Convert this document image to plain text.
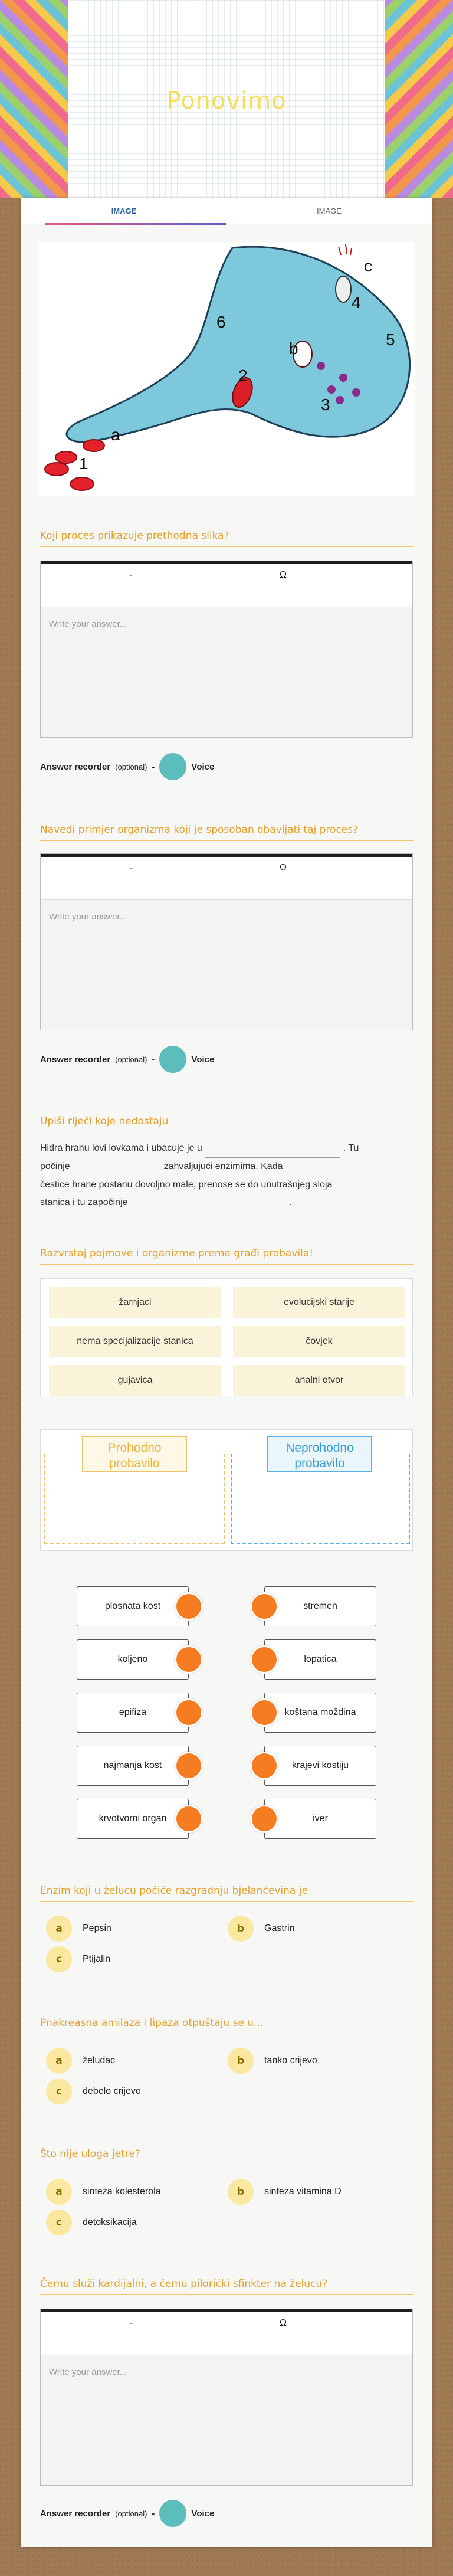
Ponovimo
IMAGE	IMAGE
1
a
2
b
3
4
5
6
c
Koji proces prikazuje prethodna slika?
-	Ω
Write your answer...
Answer recorder (optional) -	Voice
Navedi primjer organizma koji je sposoban obavljati taj proces?
-	Ω
Write your answer...
Answer recorder (optional) -	Voice
Upiši riječi koje nedostaju
Hidra hranu lovi lovkama i ubacuje je u	. Tu
počinje	zahvaljujući enzimima. Kada
čestice hrane postanu dovoljno male, prenose se do unutrašnjeg sloja
stanica i tu započinje	.
Razvrstaj pojmove i organizme prema građi probavila!
žarnjaci	evolucijski starije
nema specijalizacije stanica	čovjek
gujavica	analni otvor
Prohodno
probavilo
Neprohodno
probavilo
plosnata kost
koljeno
epifiza
najmanja kost
krvotvorni organ
stremen
lopatica
koštana moždina
krajevi kostiju
iver
Enzim koji u želucu počiće razgradnju bjelančevina je
a	Pepsin	b	Gastrin
c	Ptijalin
Pnakreasna amilaza i lipaza otpuštaju se u...
a	želudac	b	tanko crijevo
c	debelo crijevo
Što nije uloga jetre?
a	sinteza kolesterola	b	sinteza vitamina D
c	detoksikacija
Čemu služi kardijalni, a čemu pilorički sfinkter na želucu?
-	Ω
Write your answer...
Answer recorder (optional) -	Voice
